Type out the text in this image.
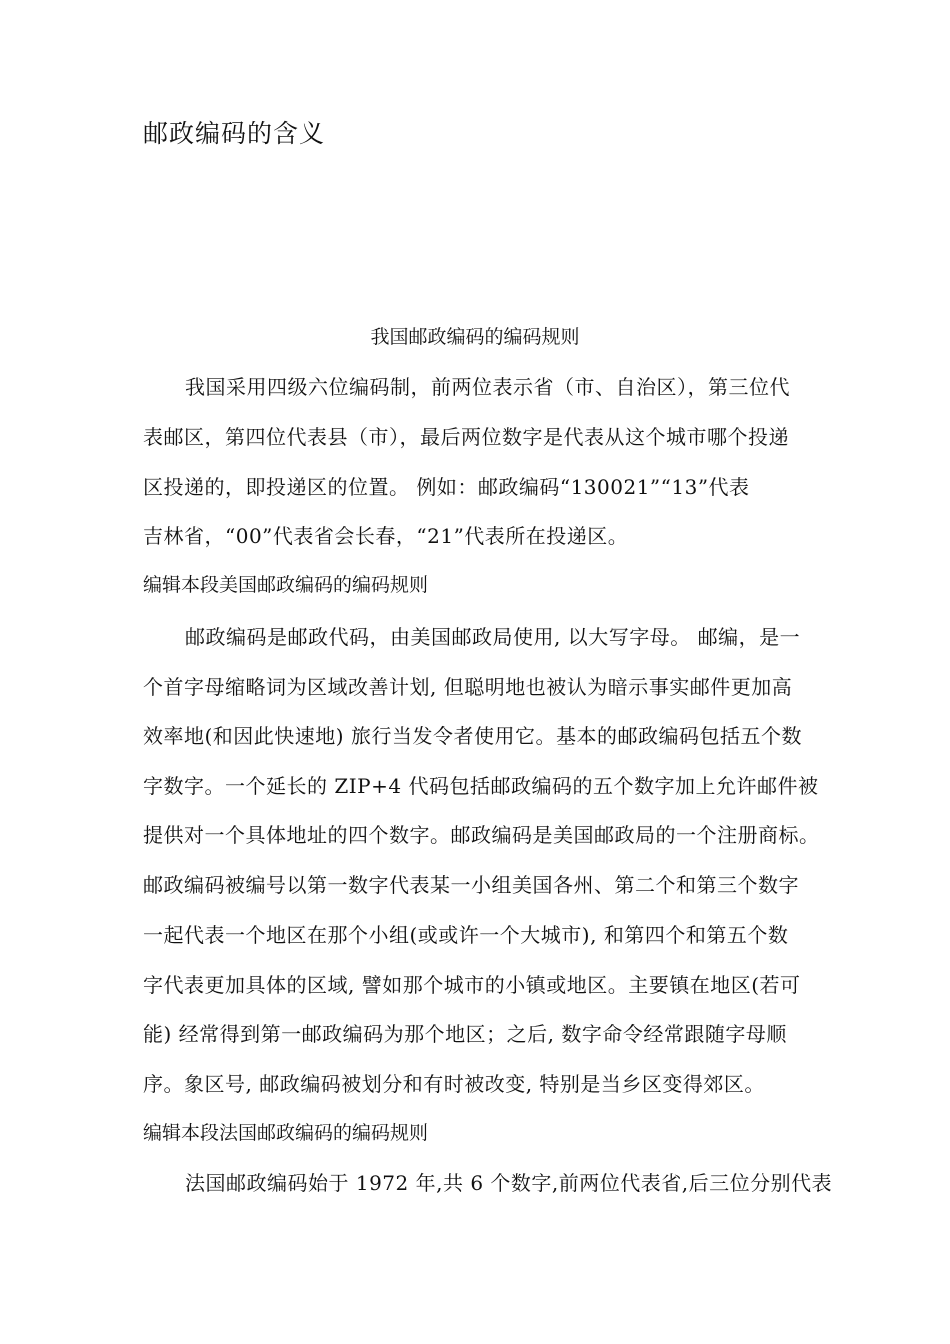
邮政编码的含义
我国邮政编码的编码规则
我国采用四级六位编码制，前两位表示省（市、自治区），第三位代
表邮区，第四位代表县（市），最后两位数字是代表从这个城市哪个投递
区投递的，即投递区的位置。 例如：邮政编码“130021”“13”代表
吉林省，“00”代表省会长春，“21”代表所在投递区。
编辑本段美国邮政编码的编码规则
邮政编码是邮政代码，由美国邮政局使用, 以大写字母。 邮编，是一
个首字母缩略词为区域改善计划, 但聪明地也被认为暗示事实邮件更加高
效率地(和因此快速地) 旅行当发令者使用它。基本的邮政编码包括五个数
字数字。一个延长的 ZIP+4 代码包括邮政编码的五个数字加上允许邮件被
提供对一个具体地址的四个数字。邮政编码是美国邮政局的一个注册商标。
邮政编码被编号以第一数字代表某一小组美国各州、第二个和第三个数字
一起代表一个地区在那个小组(或或许一个大城市), 和第四个和第五个数
字代表更加具体的区域, 譬如那个城市的小镇或地区。主要镇在地区(若可
能) 经常得到第一邮政编码为那个地区；之后, 数字命令经常跟随字母顺
序。象区号, 邮政编码被划分和有时被改变, 特别是当乡区变得郊区。
编辑本段法国邮政编码的编码规则
法国邮政编码始于 1972 年,共 6 个数字,前两位代表省,后三位分别代表
